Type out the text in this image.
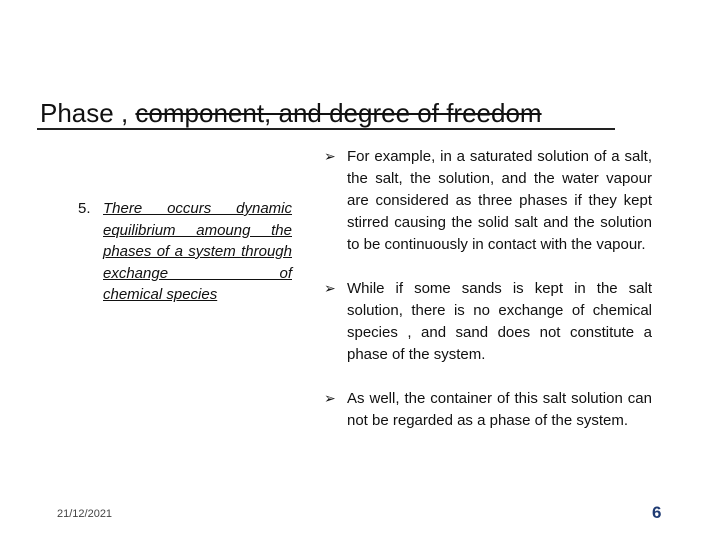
Phase , component, and degree of freedom
5. There occurs dynamic equilibrium amoung the phases of a system through exchange of
chemical species
➢ For example, in a saturated solution of a salt, the salt, the solution, and the water vapour are considered as three phases if they kept stirred causing the solid salt and the solution to be continuously in contact with the vapour.
➢ While if some sands is kept in the salt solution, there is no exchange of chemical species , and sand does not constitute a phase of the system.
➢ As well, the container of this salt solution can not be regarded as a phase of the system.
21/12/2021	6
